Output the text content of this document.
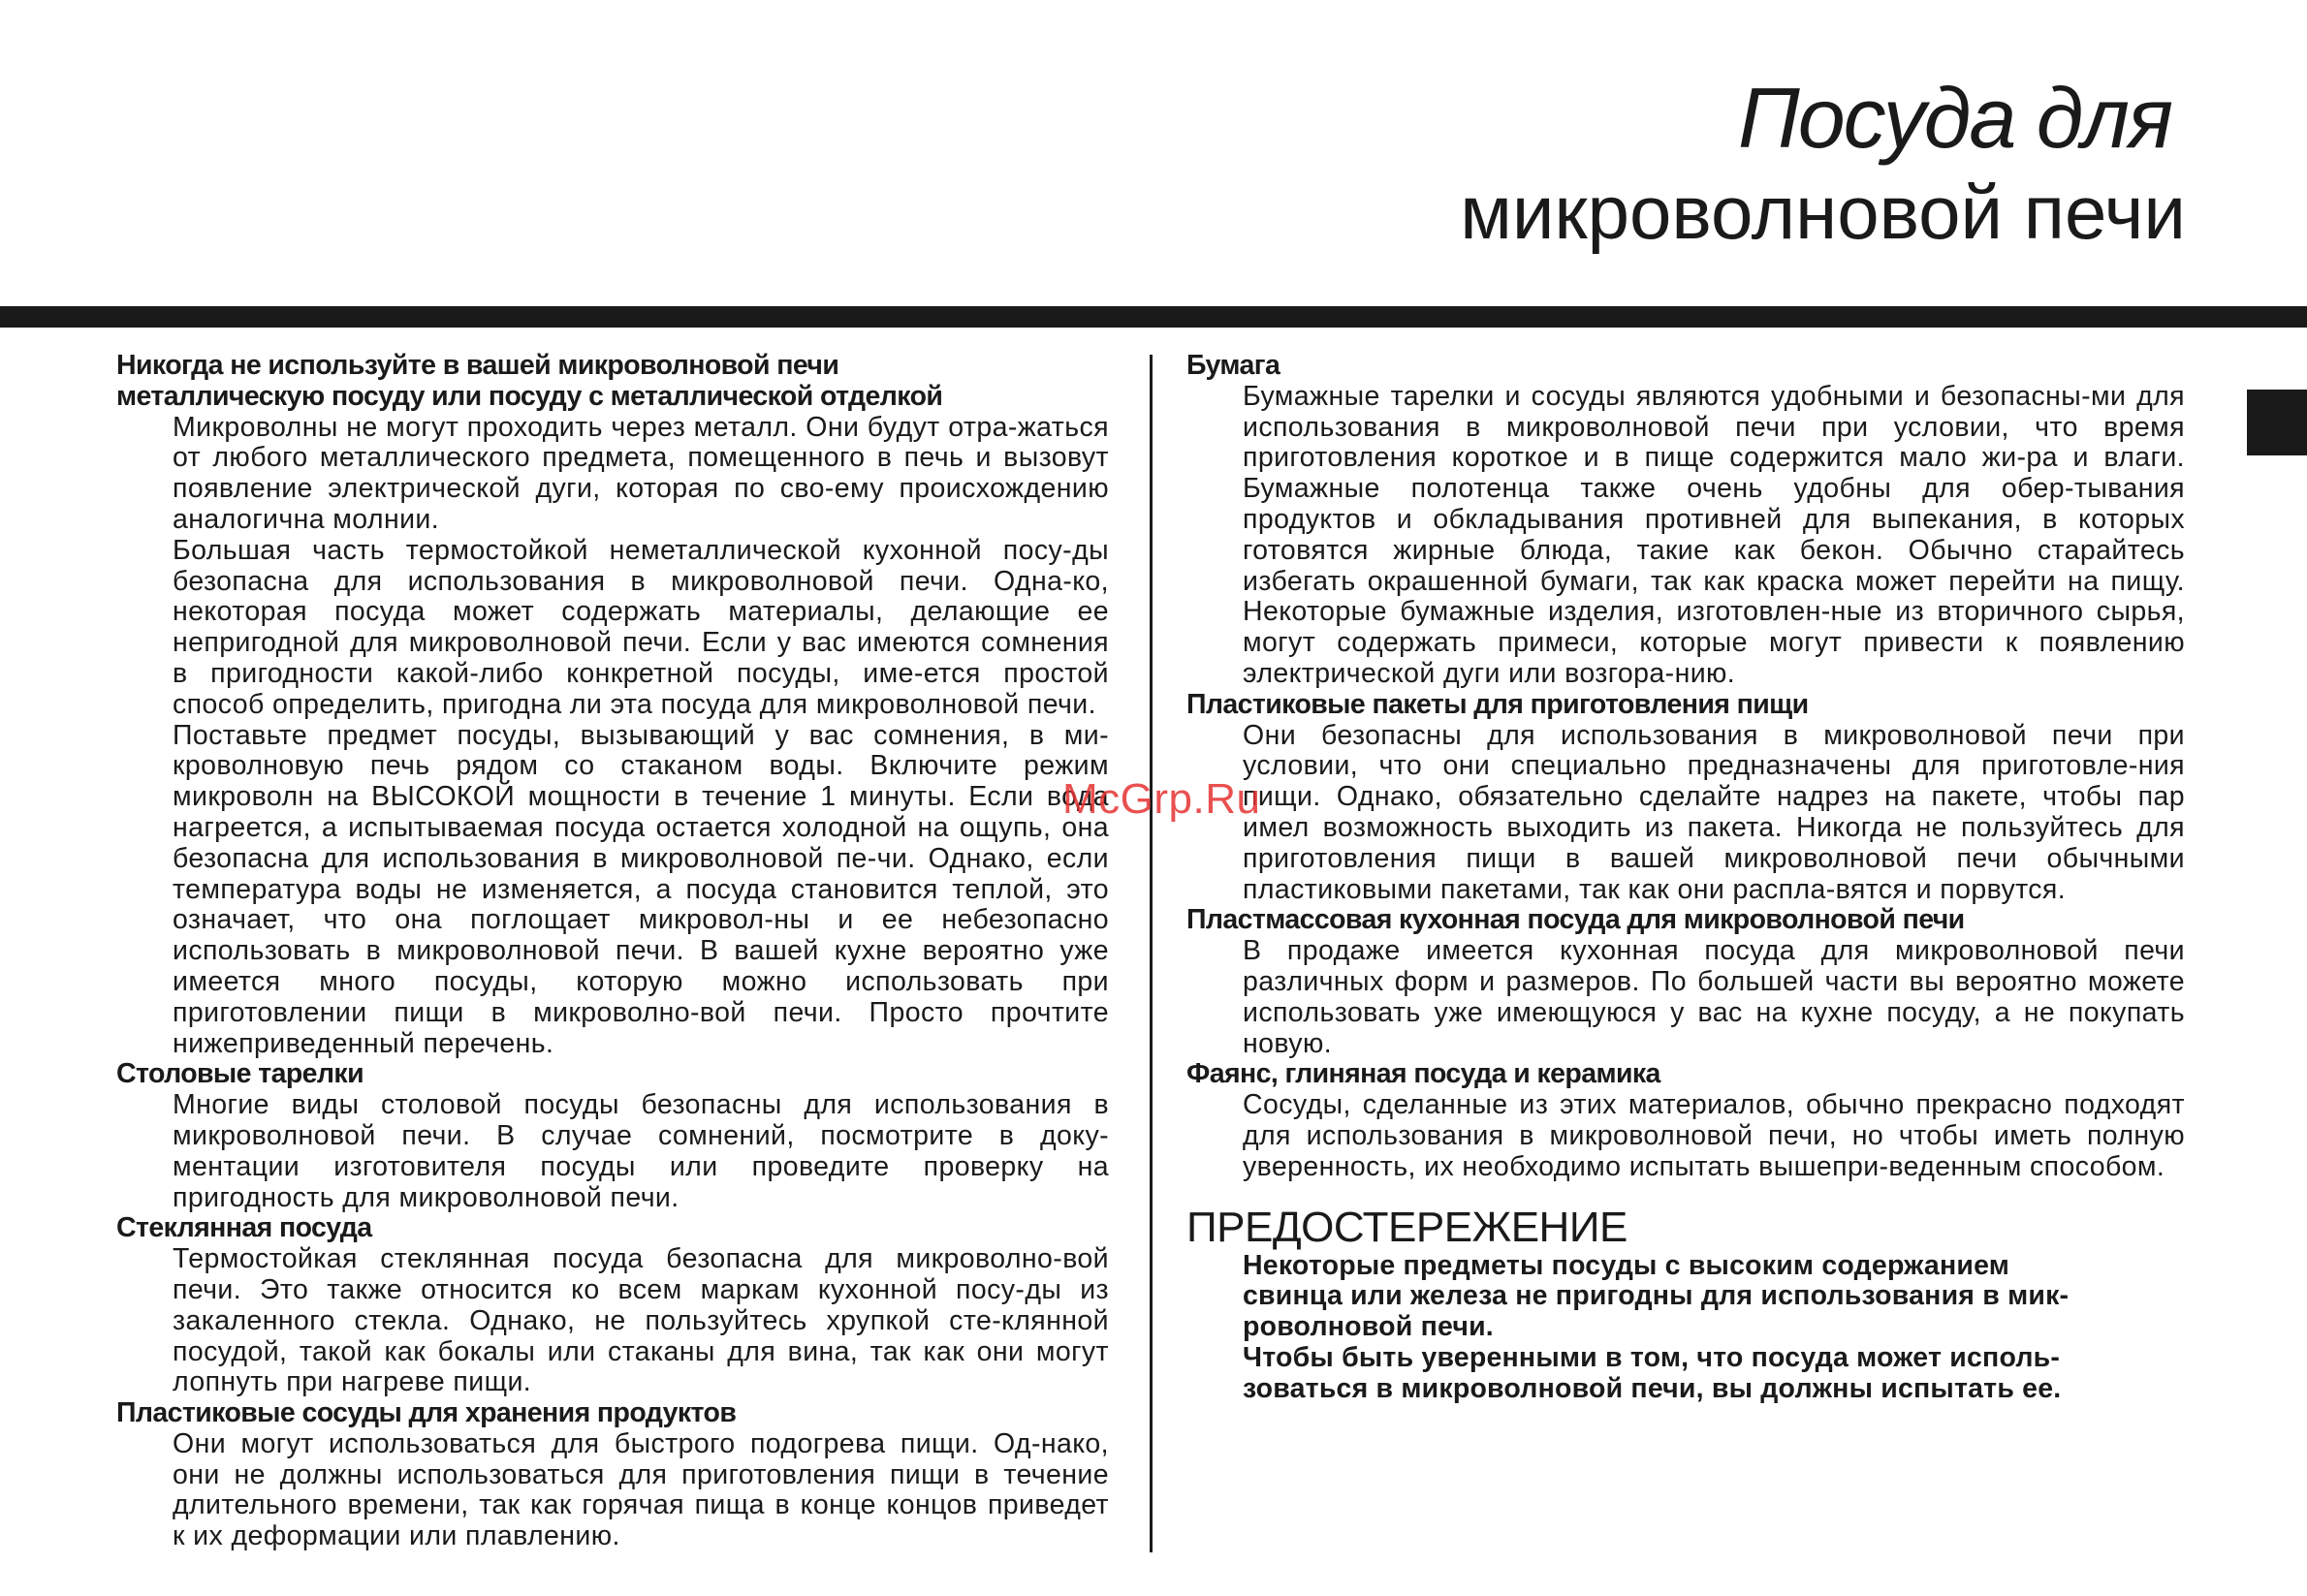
Посуда для
микроволновой печи
Никогда не используйте в вашей микроволновой печи металлическую посуду или посуду с металлической отделкой
Микроволны не могут проходить через металл. Они будут отра-жаться от любого металлического предмета, помещенного в печь и вызовут появление электрической дуги, которая по сво-ему происхождению аналогична молнии.
Большая часть термостойкой неметаллической кухонной посу-ды безопасна для использования в микроволновой печи. Одна-ко, некоторая посуда может содержать материалы, делающие ее непригодной для микроволновой печи. Если у вас имеются сомнения в пригодности какой-либо конкретной посуды, име-ется простой способ определить, пригодна ли эта посуда для микроволновой печи.
Поставьте предмет посуды, вызывающий у вас сомнения, в ми-кроволновую печь рядом со стаканом воды. Включите режим микроволн на ВЫСОКОЙ мощности в течение 1 минуты. Если вода нагреется, а испытываемая посуда остается холодной на ощупь, она безопасна для использования в микроволновой пе-чи. Однако, если температура воды не изменяется, а посуда становится теплой, это означает, что она поглощает микровол-ны и ее небезопасно использовать в микроволновой печи. В вашей кухне вероятно уже имеется много посуды, которую можно использовать при приготовлении пищи в микроволно-вой печи. Просто прочтите нижеприведенный перечень.
Столовые тарелки
Многие виды столовой посуды безопасны для использования в микроволновой печи. В случае сомнений, посмотрите в доку-ментации изготовителя посуды или проведите проверку на пригодность для микроволновой печи.
Стеклянная посуда
Термостойкая стеклянная посуда безопасна для микроволно-вой печи. Это также относится ко всем маркам кухонной посу-ды из закаленного стекла. Однако, не пользуйтесь хрупкой сте-клянной посудой, такой как бокалы или стаканы для вина, так как они могут лопнуть при нагреве пищи.
Пластиковые сосуды для хранения продуктов
Они могут использоваться для быстрого подогрева пищи. Од-нако, они не должны использоваться для приготовления пищи в течение длительного времени, так как горячая пища в конце концов приведет к их деформации или плавлению.
Бумага
Бумажные тарелки и сосуды являются удобными и безопасны-ми для использования в микроволновой печи при условии, что время приготовления короткое и в пище содержится мало жи-ра и влаги. Бумажные полотенца также очень удобны для обер-тывания продуктов и обкладывания противней для выпекания, в которых готовятся жирные блюда, такие как бекон. Обычно старайтесь избегать окрашенной бумаги, так как краска может перейти на пищу. Некоторые бумажные изделия, изготовлен-ные из вторичного сырья, могут содержать примеси, которые могут привести к появлению электрической дуги или возгора-нию.
Пластиковые пакеты для приготовления пищи
Они безопасны для использования в микроволновой печи при условии, что они специально предназначены для приготовле-ния пищи. Однако, обязательно сделайте надрез на пакете, чтобы пар имел возможность выходить из пакета. Никогда не пользуйтесь для приготовления пищи в вашей микроволновой печи обычными пластиковыми пакетами, так как они распла-вятся и порвутся.
Пластмассовая кухонная посуда для микроволновой печи
В продаже имеется кухонная посуда для микроволновой печи различных форм и размеров. По большей части вы вероятно можете использовать уже имеющуюся у вас на кухне посуду, а не покупать новую.
Фаянс, глиняная посуда и керамика
Сосуды, сделанные из этих материалов, обычно прекрасно подходят для использования в микроволновой печи, но чтобы иметь полную уверенность, их необходимо испытать вышепри-веденным способом.
ПРЕДОСТЕРЕЖЕНИЕ
Некоторые предметы посуды с высоким содержанием свинца или железа не пригодны для использования в мик-роволновой печи.
Чтобы быть уверенными в том, что посуда может исполь-зоваться в микроволновой печи, вы должны испытать ее.
McGrp.Ru
